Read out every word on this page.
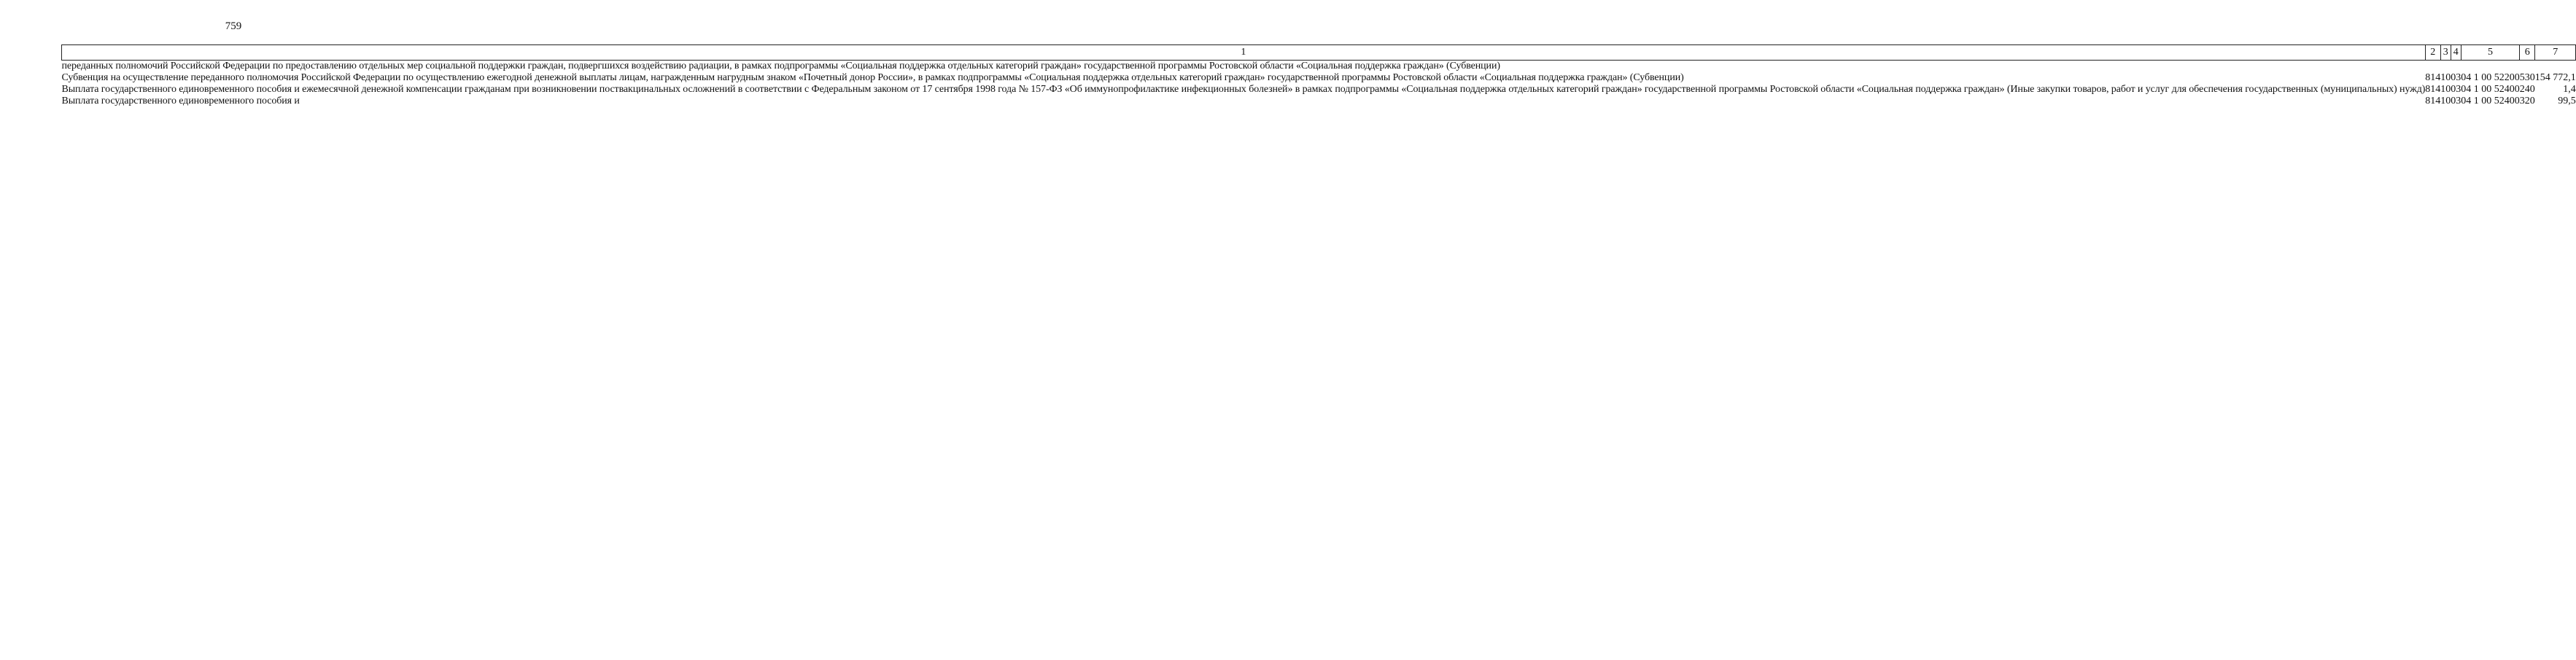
759
1	2	3	4	5	6	7
переданных полномочий Российской Федерации по предоставлению отдельных мер социальной поддержки граждан, подвергшихся воздействию радиации, в рамках подпрограммы «Социальная поддержка отдельных категорий граждан» государственной программы Ростовской области «Социальная поддержка граждан» (Субвенции)						
Субвенция на осуществление переданного полномочия Российской Федерации по осуществлению ежегодной денежной выплаты лицам, награжденным нагрудным знаком «Почетный донор России», в рамках подпрограммы «Социальная поддержка отдельных категорий граждан» государственной программы Ростовской области «Социальная поддержка граждан» (Субвенции)	814	10	03	04 1 00 52200	530	154 772,1
Выплата государственного единовременного пособия и ежемесячной денежной компенсации гражданам при возникновении поствакцинальных осложнений в соответствии с Федеральным законом от 17 сентября 1998 года № 157-ФЗ «Об иммунопрофилактике инфекционных болезней» в рамках подпрограммы «Социальная поддержка отдельных категорий граждан» государственной программы Ростовской области «Социальная поддержка граждан» (Иные закупки товаров, работ и услуг для обеспечения государственных (муниципальных) нужд)	814	10	03	04 1 00 52400	240	1,4
Выплата государственного единовременного пособия и	814	10	03	04 1 00 52400	320	99,5
